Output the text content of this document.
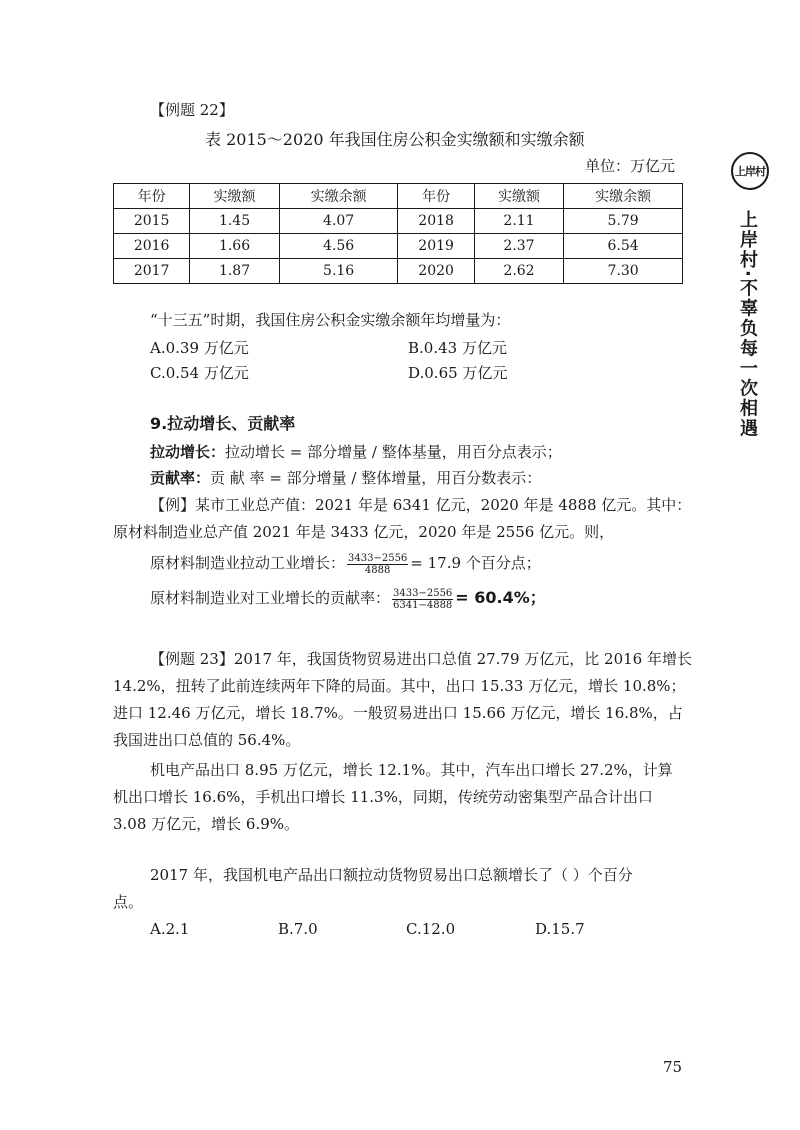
上岸村
上岸村·不辜负每一次相遇
【例题 22】
表 2015～2020 年我国住房公积金实缴额和实缴余额
单位：万亿元
年份	实缴额	实缴余额	年份	实缴额	实缴余额
2015	1.45	4.07	2018	2.11	5.79
2016	1.66	4.56	2019	2.37	6.54
2017	1.87	5.16	2020	2.62	7.30
“十三五”时期，我国住房公积金实缴余额年均增量为：
A.0.39 万亿元	B.0.43 万亿元
C.0.54 万亿元	D.0.65 万亿元
9.拉动增长、贡献率
拉动增长：拉动增长 = 部分增量 / 整体基量，用百分点表示；
贡献率：贡 献 率 = 部分增量 / 整体增量，用百分数表示：
【例】某市工业总产值：2021 年是 6341 亿元，2020 年是 4888 亿元。其中：
原材料制造业总产值 2021 年是 3433 亿元，2020 年是 2556 亿元。则，
原材料制造业拉动工业增长： $\frac{3433-2556}{4888} = 17.9$ 个百分点；
原材料制造业对工业增长的贡献率： $\frac{3433-2556}{6341-4888} = 60.4\%$；
【例题 23】2017 年，我国货物贸易进出口总值 27.79 万亿元，比 2016 年增长
14.2%，扭转了此前连续两年下降的局面。其中，出口 15.33 万亿元，增长 10.8%；
进口 12.46 万亿元，增长 18.7%。一般贸易进出口 15.66 万亿元，增长 16.8%，占
我国进出口总值的 56.4%。
机电产品出口 8.95 万亿元，增长 12.1%。其中，汽车出口增长 27.2%，计算
机出口增长 16.6%，手机出口增长 11.3%，同期，传统劳动密集型产品合计出口
3.08 万亿元，增长 6.9%。
2017 年，我国机电产品出口额拉动货物贸易出口总额增长了（ ）个百分
点。
A.2.1	B.7.0	C.12.0	D.15.7
75
